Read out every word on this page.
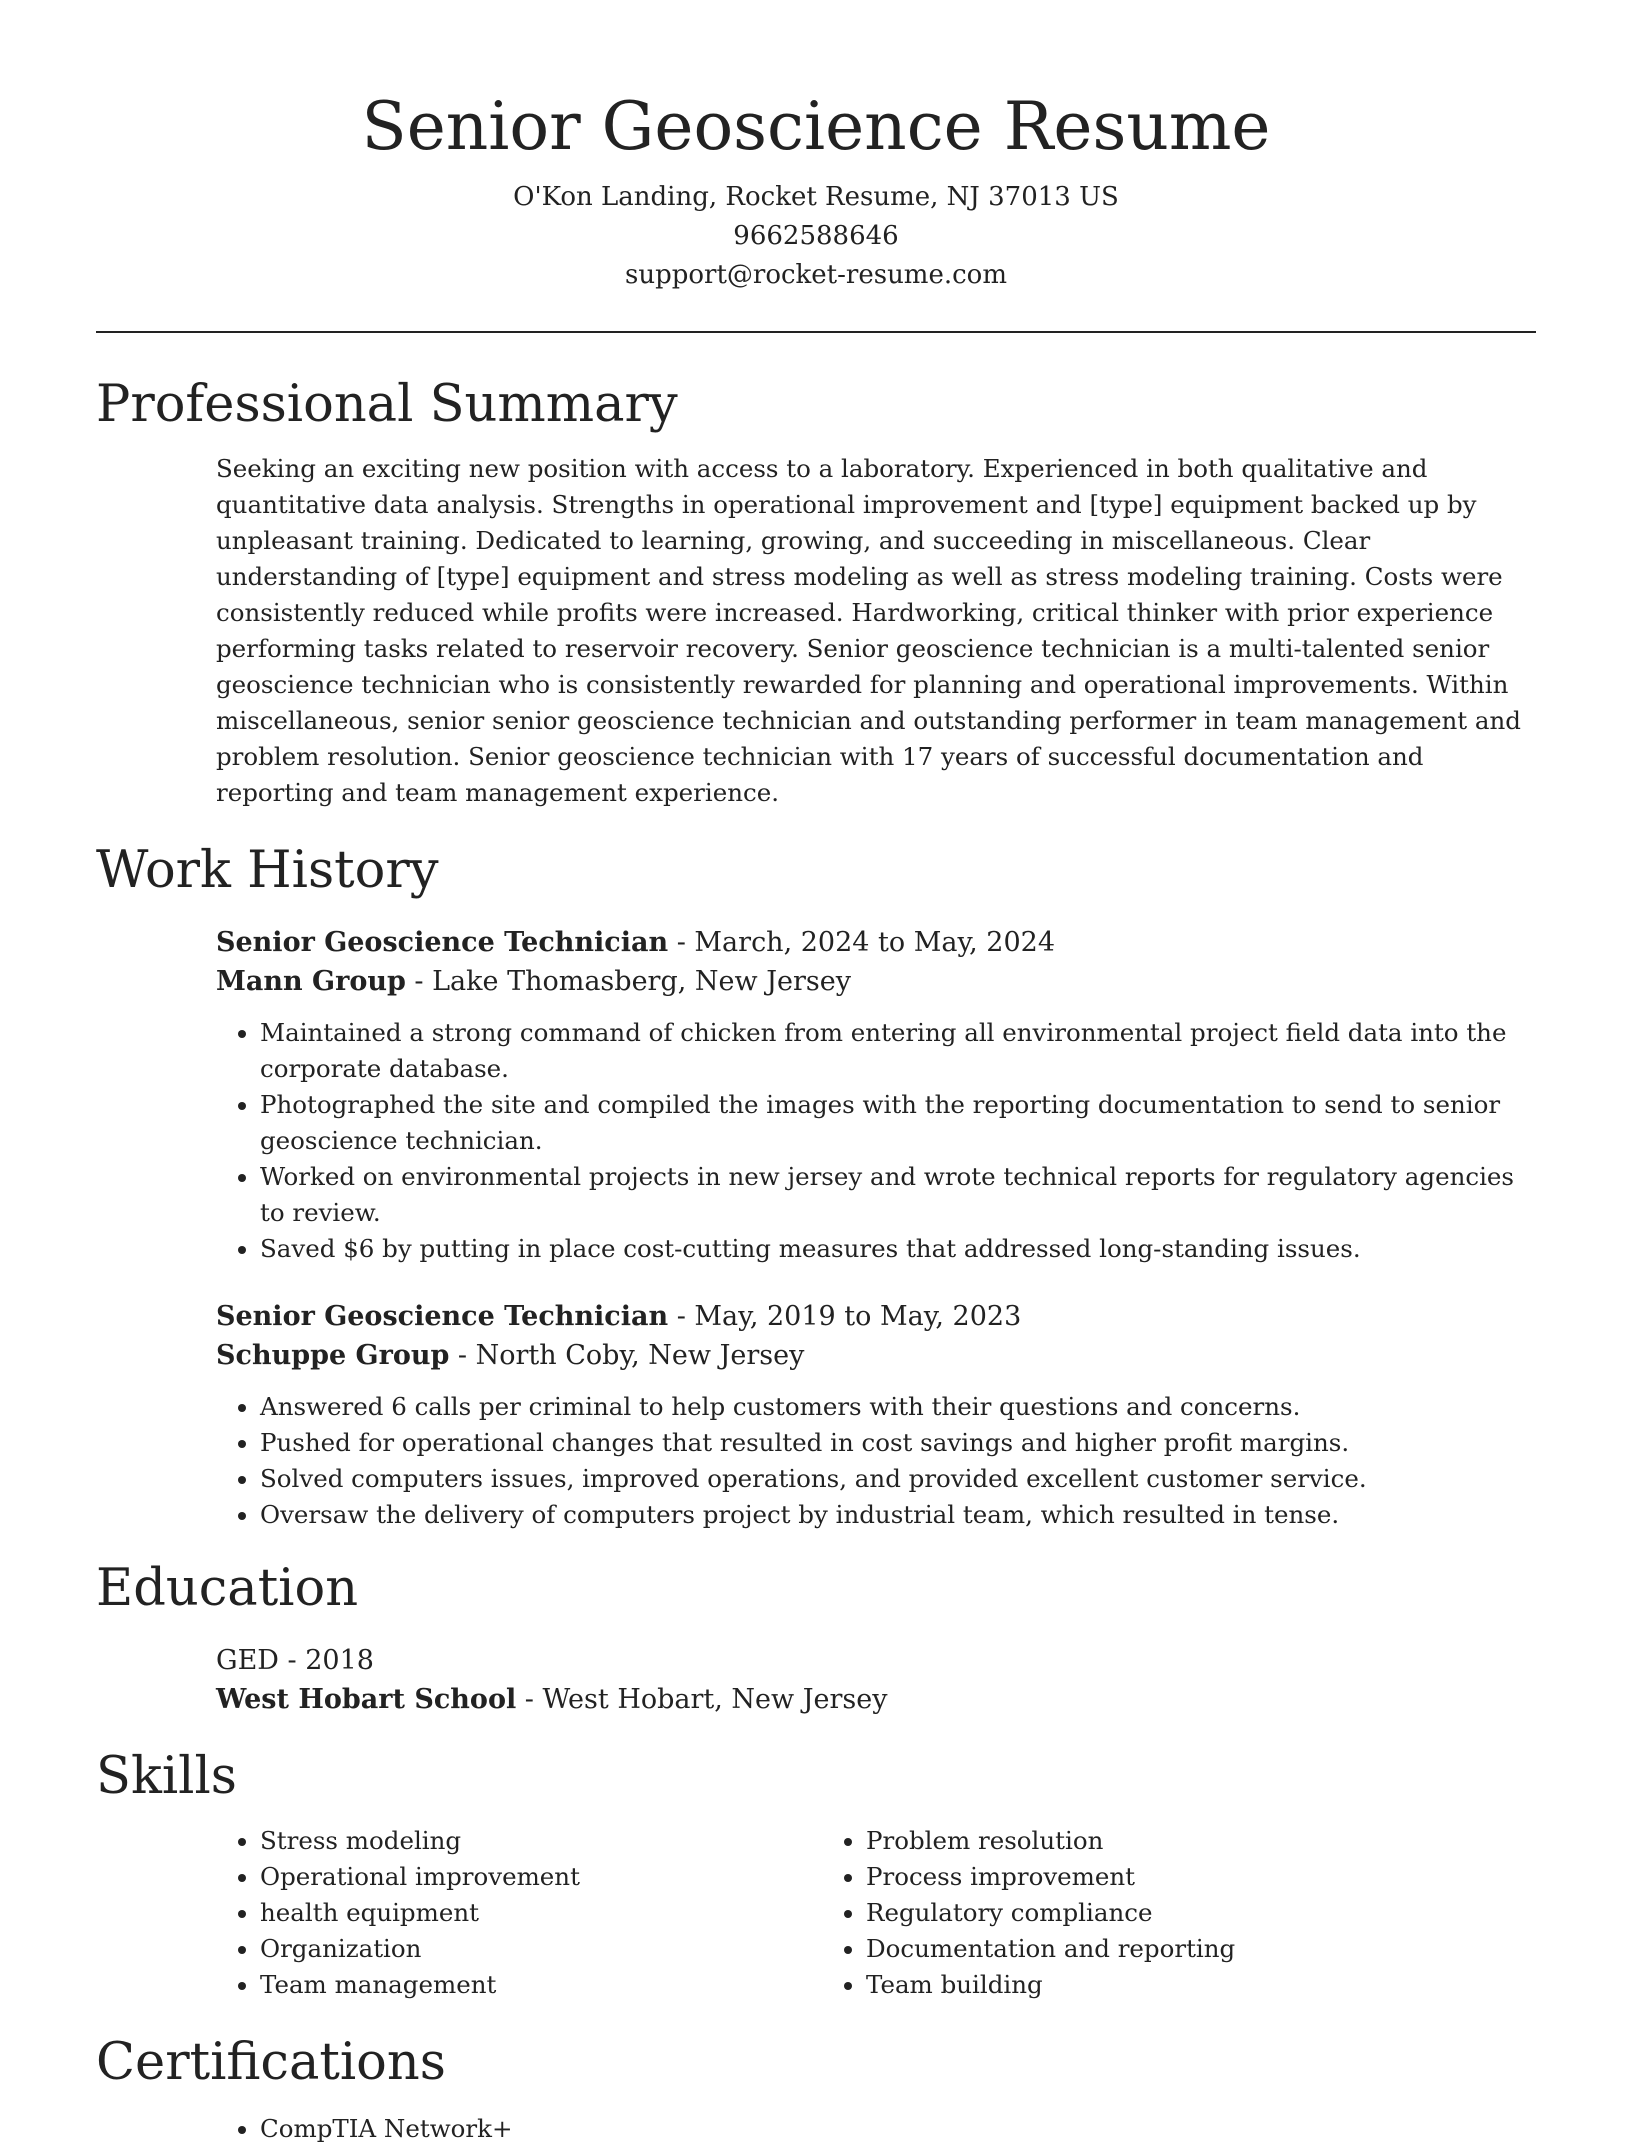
Senior Geoscience Resume
O'Kon Landing, Rocket Resume, NJ 37013 US
9662588646
support@rocket-resume.com
Professional Summary

Seeking an exciting new position with access to a laboratory. Experienced in both qualitative and quantitative data analysis. Strengths in operational improvement and [type] equipment backed up by unpleasant training. Dedicated to learning, growing, and succeeding in miscellaneous. Clear understanding of [type] equipment and stress modeling as well as stress modeling training. Costs were consistently reduced while profits were increased. Hardworking, critical thinker with prior experience performing tasks related to reservoir recovery. Senior geoscience technician is a multi-talented senior geoscience technician who is consistently rewarded for planning and operational improvements. Within miscellaneous, senior senior geoscience technician and outstanding performer in team management and problem resolution. Senior geoscience technician with 17 years of successful documentation and reporting and team management experience.

Work History

Senior Geoscience Technician - March, 2024 to May, 2024

Mann Group - Lake Thomasberg, New Jersey

• Maintained a strong command of chicken from entering all environmental project field data into the corporate database.
• Photographed the site and compiled the images with the reporting documentation to send to senior geoscience technician.
• Worked on environmental projects in new jersey and wrote technical reports for regulatory agencies to review.
• Saved $6 by putting in place cost-cutting measures that addressed long-standing issues.

Senior Geoscience Technician - May, 2019 to May, 2023

Schuppe Group - North Coby, New Jersey

• Answered 6 calls per criminal to help customers with their questions and concerns.
• Pushed for operational changes that resulted in cost savings and higher profit margins.
• Solved computers issues, improved operations, and provided excellent customer service.
• Oversaw the delivery of computers project by industrial team, which resulted in tense.
Education

GED - 2018

West Hobart School - West Hobart, New Jersey

Skills
• Stress modeling
• Operational improvement
• health equipment
• Organization
• Team management
• Problem resolution
• Process improvement
• Regulatory compliance
• Documentation and reporting
• Team building
Certifications
• CompTIA Network+
